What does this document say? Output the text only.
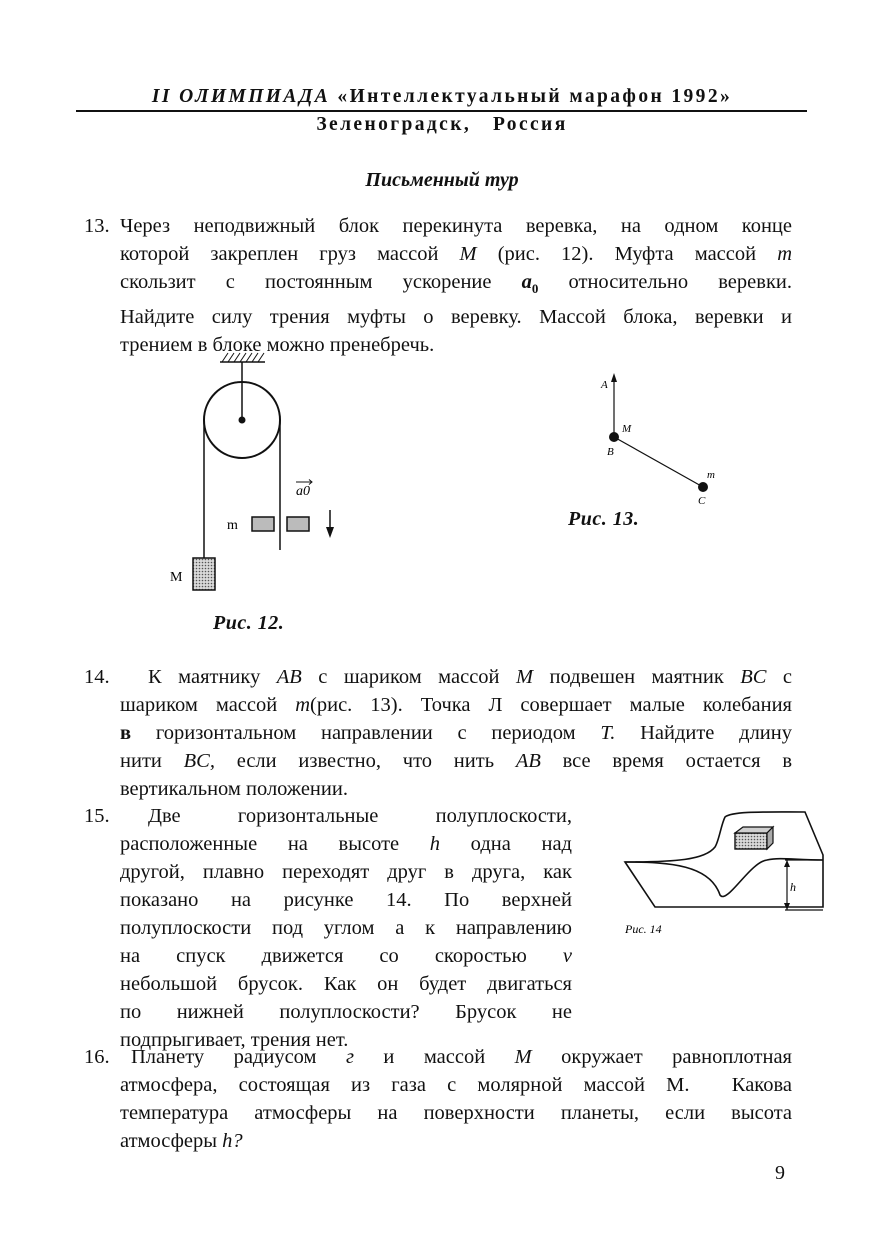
II ОЛИМПИАДА «Интеллектуальный марафон 1992»
Зеленоградск,   Россия
Письменный тур
13. Через неподвижный блок перекинута веревка, на одном конце
которой закреплен груз массой M (рис. 12). Муфта массой m
скользит с постоянным ускорение $a_0$ относительно веревки.
Найдите силу трения муфты о веревку. Массой блока, веревки и
трением в блоке можно пренебречь.
M
m
a0
Рис. 12.
A
M
B
m
C
Рис. 13.
14.	К маятнику AB с шариком массой M подвешен маятник BC с
шариком массой m(рис. 13). Точка Л совершает малые колебания
в горизонтальном направлении с периодом T. Найдите длину
нити BC, если известно, что нить AB все время остается в
вертикальном положении.
15.	Две горизонтальные полуплоскости,
расположенные на высоте h одна над
другой, плавно переходят друг в друга, как
показано на рисунке 14. По верхней
полуплоскости под углом а к направлению
на спуск движется со скоростью v
небольшой брусок. Как он будет двигаться
по нижней полуплоскости? Брусок не
подпрыгивает, трения нет.
h
Рис. 14
16.	Планету радиусом г и массой M окружает равноплотная
атмосфера, состоящая из газа с молярной массой М.  Какова
температура атмосферы на поверхности планеты, если высота
атмосферы h?
9
